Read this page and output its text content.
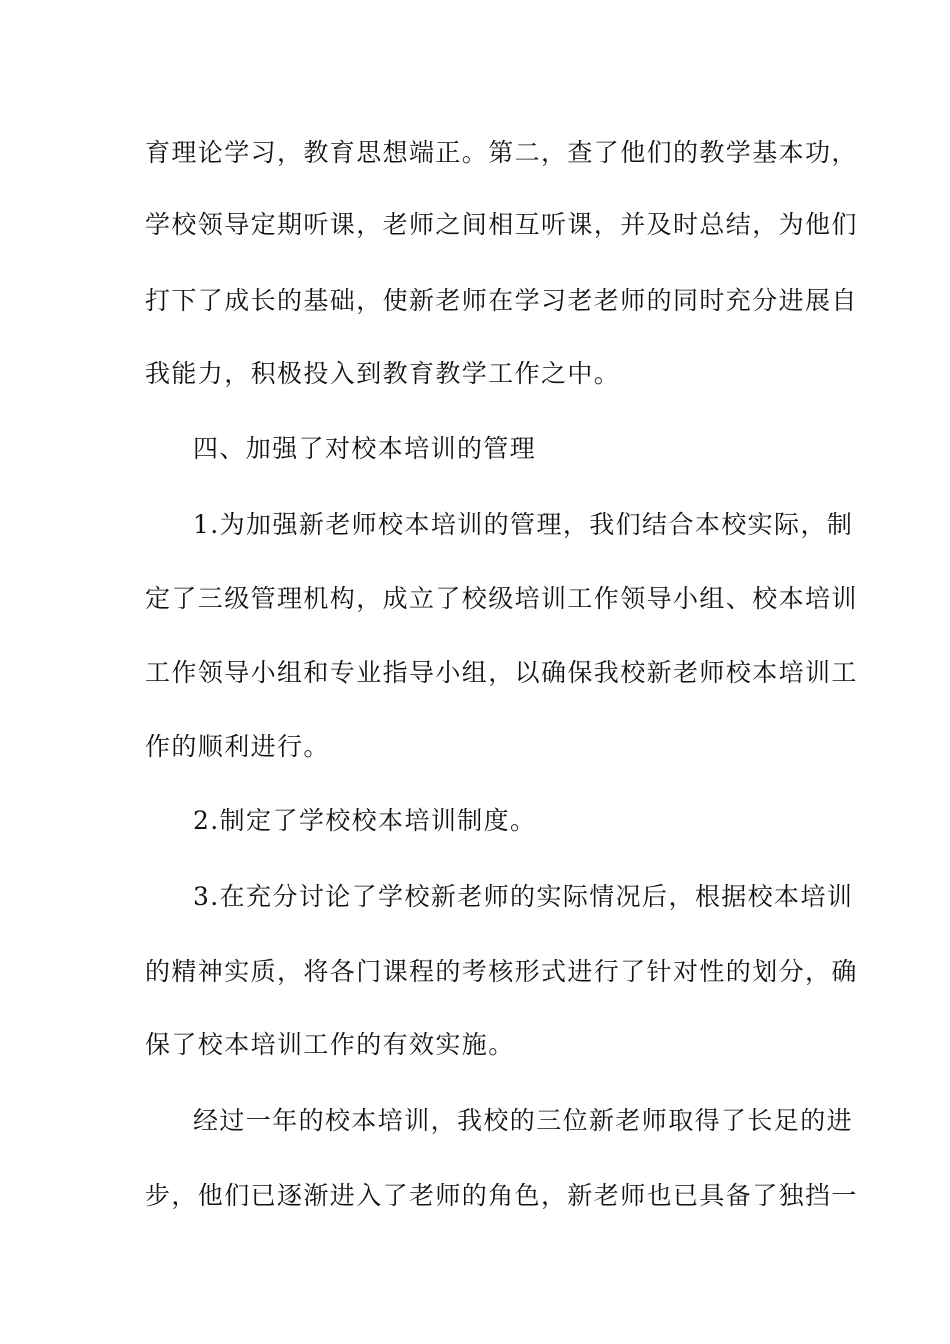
育理论学习，教育思想端正。第二，查了他们的教学基本功，
学校领导定期听课，老师之间相互听课，并及时总结，为他们
打下了成长的基础，使新老师在学习老老师的同时充分进展自
我能力，积极投入到教育教学工作之中。
四、加强了对校本培训的管理
1.为加强新老师校本培训的管理，我们结合本校实际，制
定了三级管理机构，成立了校级培训工作领导小组、校本培训
工作领导小组和专业指导小组，以确保我校新老师校本培训工
作的顺利进行。
2.制定了学校校本培训制度。
3.在充分讨论了学校新老师的实际情况后，根据校本培训
的精神实质，将各门课程的考核形式进行了针对性的划分，确
保了校本培训工作的有效实施。
经过一年的校本培训，我校的三位新老师取得了长足的进
步，他们已逐渐进入了老师的角色，新老师也已具备了独挡一
